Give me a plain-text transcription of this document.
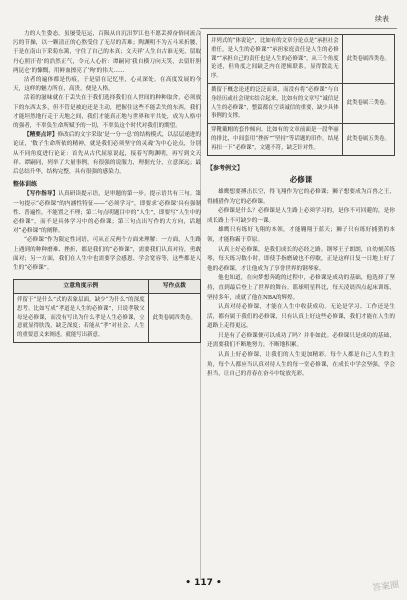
续表

力的人生姿态。虽屡受厄运，百陨从自沉汨罗江也不愿丢掉奋俗同流合污的节操，以一颗清正的心熬受住了无尽的苦难；陶渊明不为五斗米折腰，于是在南山下采菊东篱，守住了自己的本真；文天祥‘人生自古谁无死，留取丹心照汗青’的浩然正气，令元人心折：谭嗣同‘我自横刀向天笑，去留肝胆两昆仑’的慷慨，用鲜血擦亮了‘殉’的伟大……

沽者的遍体都是伤痕，于是留在记忆里，心灵深处。在高度发展的今天，这样的魅力所在，高贵，便是人格。

活着的滋味就在于丢失在于我们选择我们在人世间的种种取舍，必须放下的东西太多，但不管是被迫还是主动，把握住这些不能丢失的东西，我们才能坦然地行走于天地之间，我们才能真正地与世界和平共处，成为人格中的强者，不辜负生命所赋予的一切，不辜负这个时代对我们的期望。

【精要点评】修改后的文字采取‘是一分一总’的结构模式，以层层递进的论证，‘数子生命所依的精神，就是我们必须坚守的灵魂’为中心论点，分别从不同角度进行论证：首先从古代屈原说起，接着写陶渊明，再写到文天祥、谭嗣同，列举了大量事例，有很强的说服力，理据充分，立意深远；最后总结升华，结构完整，具有很强的感染力。

整体训练

【写作指导】认真研读提示语，是审题的第一步。提示语共有三句。第一句提示“必修课”的内涵性特征——“必须学习”，即要求‘必修课’具有强制性、普遍性，不能置之不理；第二句点明题目中的“人生”，即要写“人生中的必修课”，而不是具体学习中的必修课；第三句点出写作的大方向，话题对“必修课”的阐释。

“必修课”作为限定性词语，可从正反两个方面来理解：一方面，人生路上遇到的种种磨难、挫折，都是我们的“必修课”，需要我们认真对待，勇敢面对；另一方面，我们在人生中也需要学会感恩、学会宽容等，这些都是人生的“必修课”。

立意角度示例	写作点拨
伴留于“是什么”式的表象层面，缺少“为什么”的深度思考。比如写成“孝道是人生的必修课”，只说孝敬父母是必修课，而没有写出为什么孝是人生必修课，立意就显得肤浅，缺乏深度；若能从“孝”对社会、人生的重要意义来阐述，就能写出新意。	此类卷属四类卷。
并列式的“体说论”，比如有的文章分论点是“承担社会重任，是人生的必修课”“承担家庭责任是人生的必修课”“承担自己的责任也是人生的必修课”，从三个角度论述，但角度之间缺乏内在逻辑联系，显得散乱无序。	此类卷属四类卷。
撰留于概念论述的泛泛而谈，而没有将“必修课”与自身经历或社会现实结合起来，比如有的文章写“诚信是人生的必修课”，整篇都在空谈诚信的重要，缺少具体事例的支撑。	此类卷属三类卷。
穿靴戴帽的套作倾向。比如有的文章前面是一段华丽的排比，中间套用“挫折”“坚持”等话题的旧作，结尾再扣一下“必修课”，文题不符，缺乏针对性。	此类卷属五类卷。
【参考例文】
必修课

雄鹰想要搏击长空，得飞翔作为它的必修课；狮子想要成为百兽之王，得捕猎作为它的必修课。

必修课是什么？必修课是人生路上必须学习的，是你不可回避的，是你成长路上不可缺少的一课。

雄鹰只有练好飞翔的本领，才能翱翔于蓝天；狮子只有练好捕猎的本领，才能称霸于草原。

认真上好必修课，是我们成长的必经之路。钢琴王子朗朗，自幼刻苦练琴，每天练习数小时，即使手指磨破也不停歇，正是这样日复一日地上好了他的必修课，才让他成为了享誉世界的钢琴家。

他也知道，在向梦想奔跑的过程中，必修课是成功的基础，他选择了坚持，直到最后登上了世界的舞台。篮球明星科比，每天凌晨四点起床训练，坚持多年，成就了他在NBA的辉煌。

认真对待必修课，才能在人生中收获成功。无论是学习、工作还是生活，都有属于我们的必修课，只有认真上好这些必修课，我们才能在人生的道路上走得更远。

只是有了必修课便可以成功了吗？并非如此。必修课只是成功的基础，还需要我们不断地努力，不断地积累。

认真上好必修课，让我们的人生更加精彩。每个人都是自己人生的主角，每个人都应当认真对待人生的每一堂必修课，在成长中学会坚强，学会担当，让自己的青春在奋斗中绽放光彩。

• 117 •	答案圈
